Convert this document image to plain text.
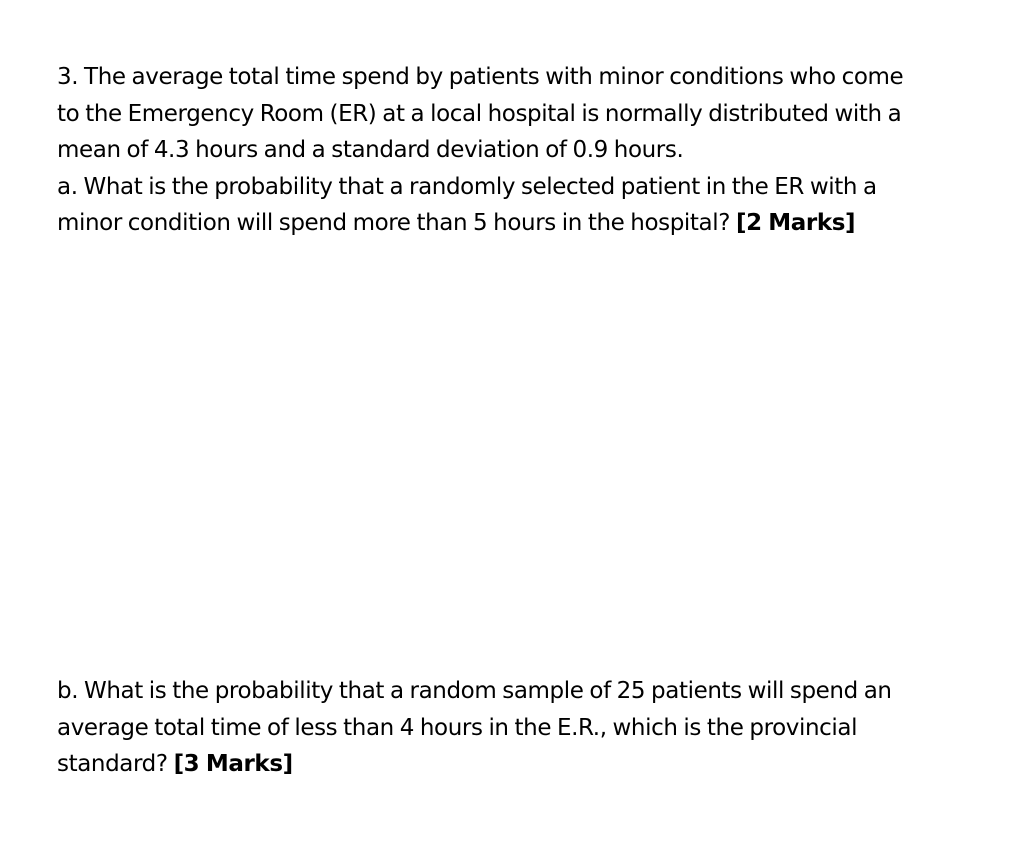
3. The average total time spend by patients with minor conditions who come
to the Emergency Room (ER) at a local hospital is normally distributed with a
mean of 4.3 hours and a standard deviation of 0.9 hours.
a. What is the probability that a randomly selected patient in the ER with a
minor condition will spend more than 5 hours in the hospital? [2 Marks]
b. What is the probability that a random sample of 25 patients will spend an
average total time of less than 4 hours in the E.R., which is the provincial
standard? [3 Marks]
